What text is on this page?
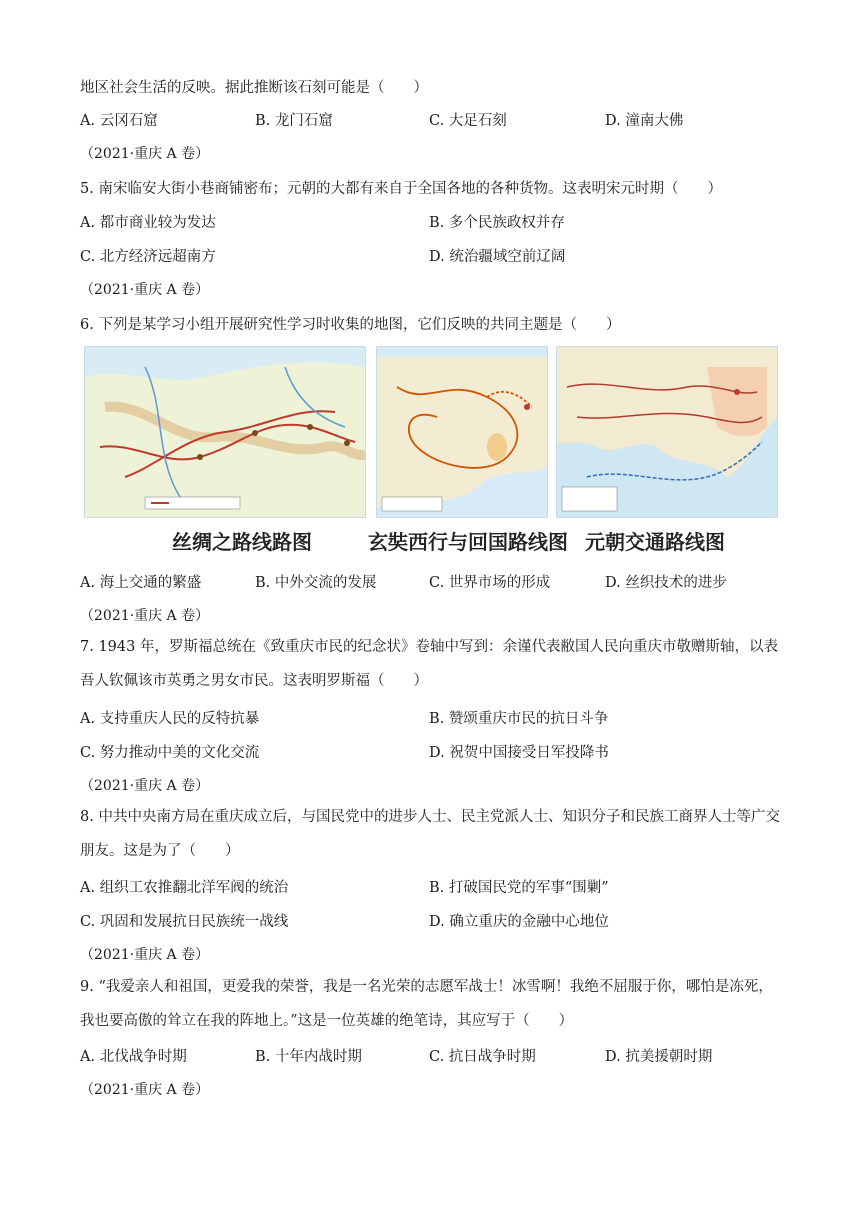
地区社会生活的反映。据此推断该石刻可能是（　　）
A. 云冈石窟	B. 龙门石窟	C. 大足石刻	D. 潼南大佛
（2021·重庆 A 卷）
5. 南宋临安大街小巷商铺密布；元朝的大都有来自于全国各地的各种货物。这表明宋元时期（　　）
A. 都市商业较为发达	B. 多个民族政权并存
C. 北方经济远超南方	D. 统治疆域空前辽阔
（2021·重庆 A 卷）
6. 下列是某学习小组开展研究性学习时收集的地图，它们反映的共同主题是（　　）
丝绸之路线路图	玄奘西行与回国路线图 元朝交通路线图
A. 海上交通的繁盛	B. 中外交流的发展	C. 世界市场的形成	D. 丝织技术的进步
（2021·重庆 A 卷）
7. 1943 年，罗斯福总统在《致重庆市民的纪念状》卷轴中写到：余谨代表敝国人民向重庆市敬赠斯轴，以表吾人钦佩该市英勇之男女市民。这表明罗斯福（　　）
A. 支持重庆人民的反特抗暴	B. 赞颂重庆市民的抗日斗争
C. 努力推动中美的文化交流	D. 祝贺中国接受日军投降书
（2021·重庆 A 卷）
8. 中共中央南方局在重庆成立后，与国民党中的进步人士、民主党派人士、知识分子和民族工商界人士等广交朋友。这是为了（　　）
A. 组织工农推翻北洋军阀的统治	B. 打破国民党的军事“围剿”
C. 巩固和发展抗日民族统一战线	D. 确立重庆的金融中心地位
（2021·重庆 A 卷）
9. “我爱亲人和祖国，更爱我的荣誉，我是一名光荣的志愿军战士！冰雪啊！我绝不屈服于你，哪怕是冻死，我也要高傲的耸立在我的阵地上。”这是一位英雄的绝笔诗，其应写于（　　）
A. 北伐战争时期	B. 十年内战时期	C. 抗日战争时期	D. 抗美援朝时期
（2021·重庆 A 卷）
